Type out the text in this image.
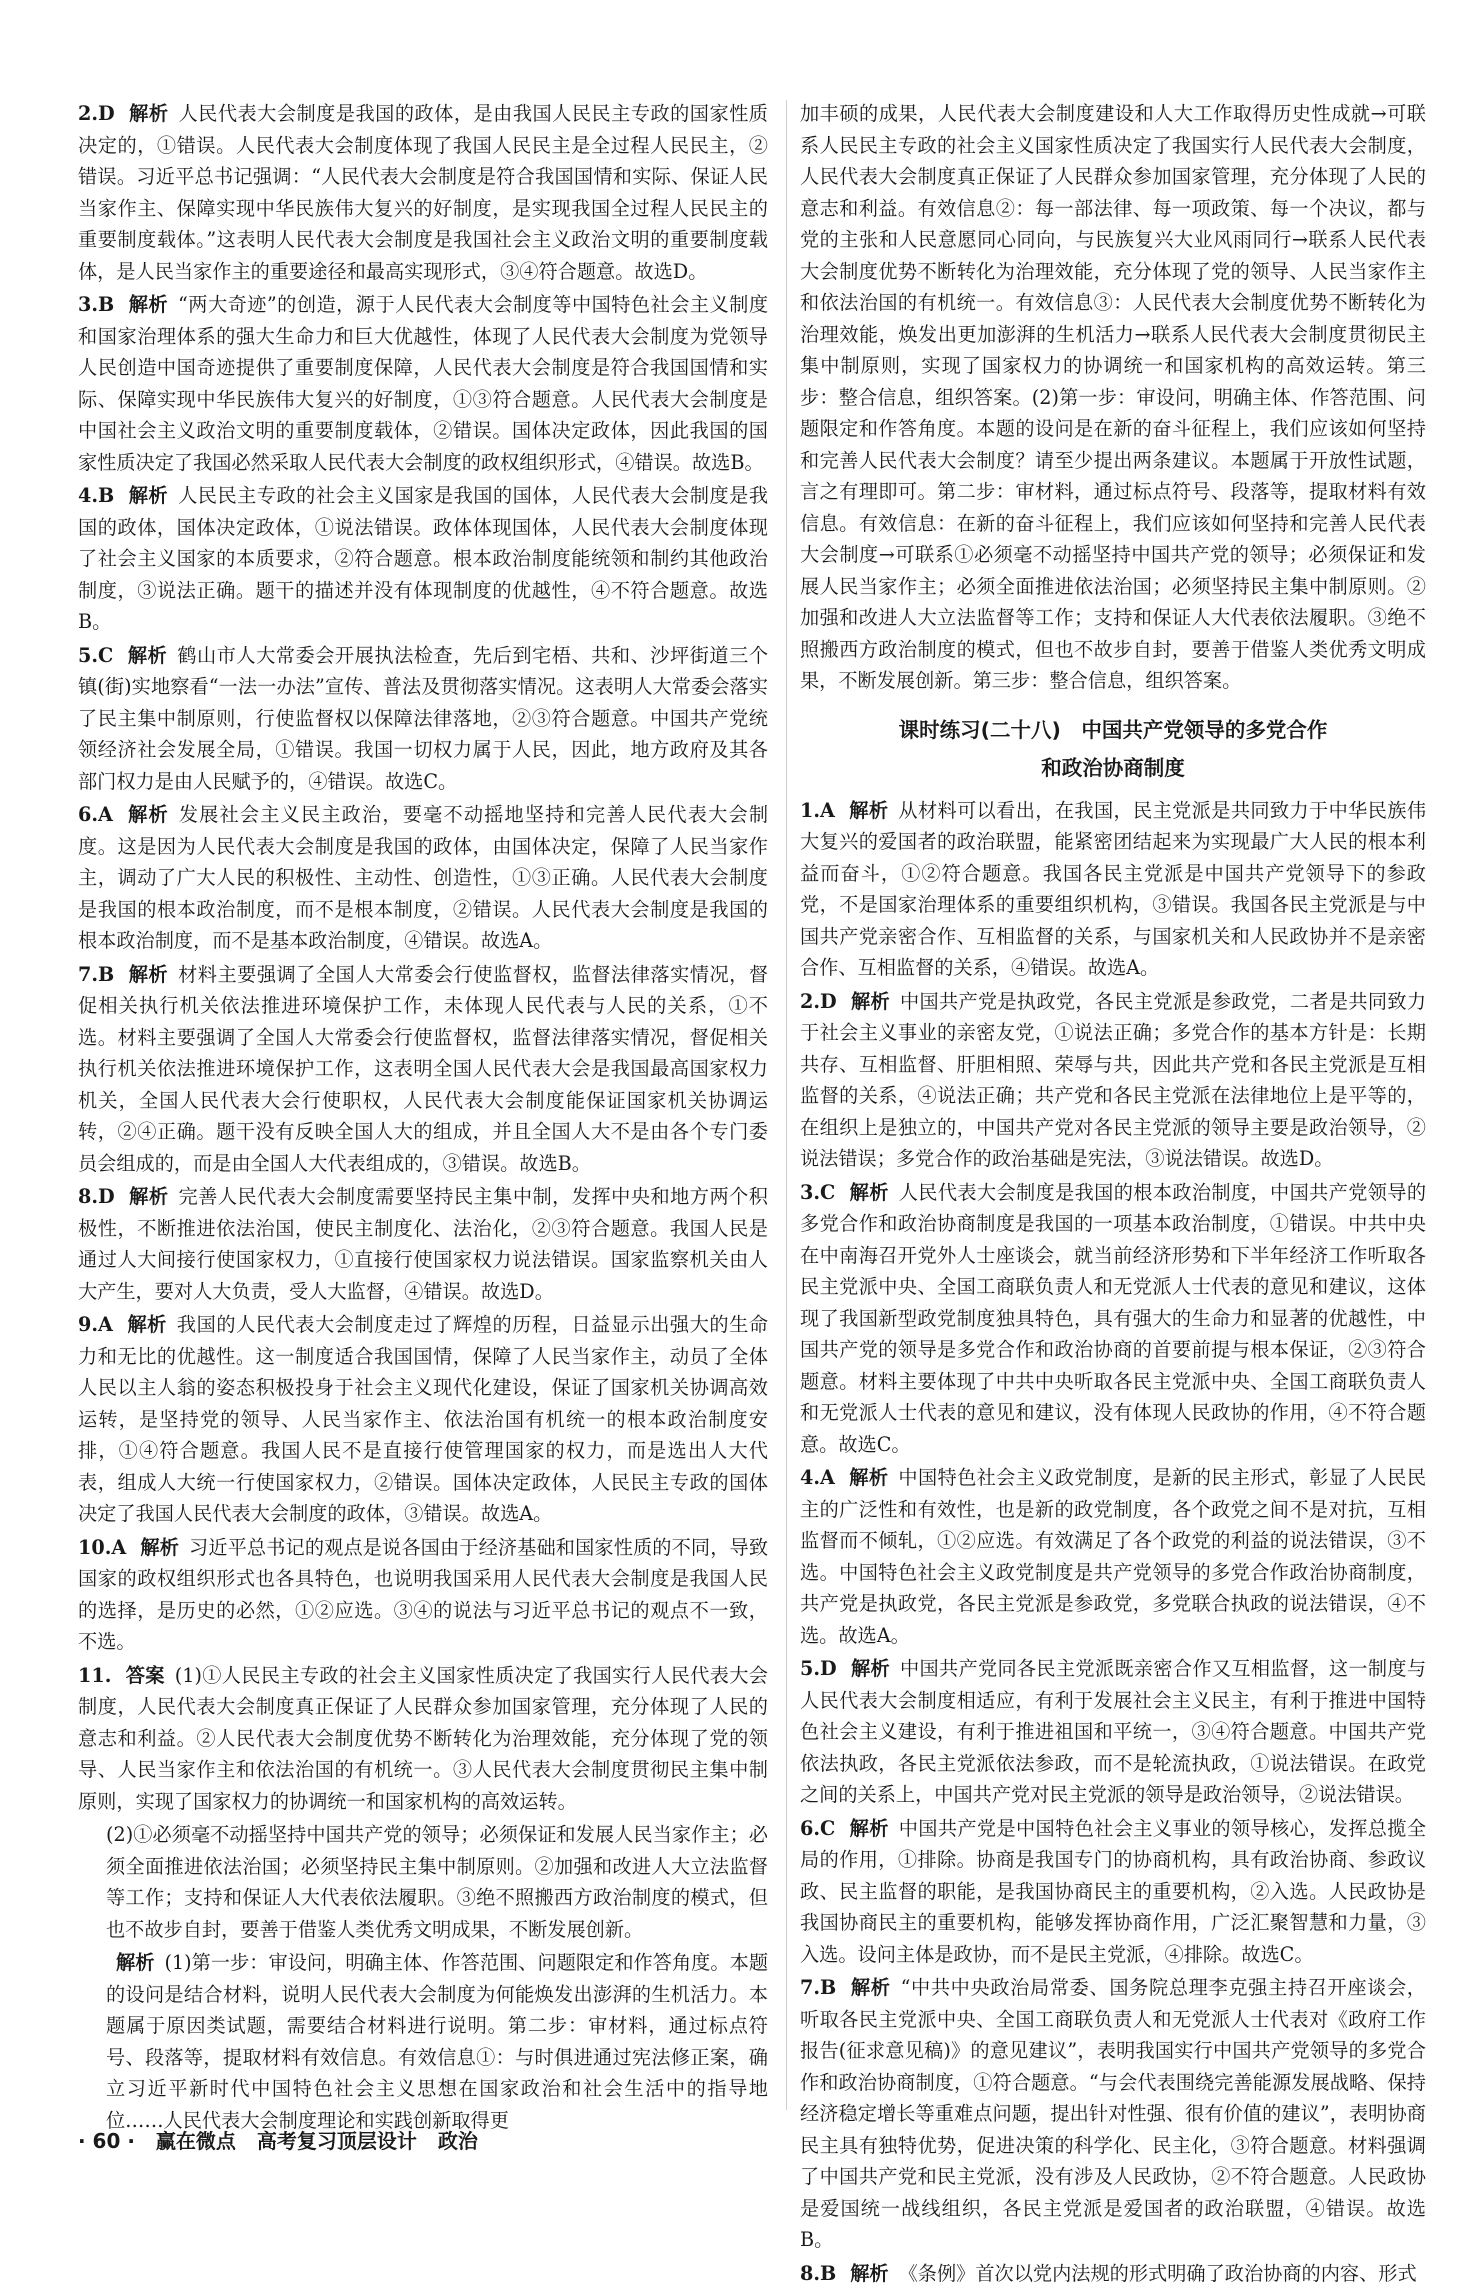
2.D 解析 人民代表大会制度是我国的政体，是由我国人民民主专政的国家性质决定的，①错误。人民代表大会制度体现了我国人民民主是全过程人民民主，②错误。习近平总书记强调：“人民代表大会制度是符合我国国情和实际、保证人民当家作主、保障实现中华民族伟大复兴的好制度，是实现我国全过程人民民主的重要制度载体。”这表明人民代表大会制度是我国社会主义政治文明的重要制度载体，是人民当家作主的重要途径和最高实现形式，③④符合题意。故选D。
3.B 解析 “两大奇迹”的创造，源于人民代表大会制度等中国特色社会主义制度和国家治理体系的强大生命力和巨大优越性，体现了人民代表大会制度为党领导人民创造中国奇迹提供了重要制度保障，人民代表大会制度是符合我国国情和实际、保障实现中华民族伟大复兴的好制度，①③符合题意。人民代表大会制度是中国社会主义政治文明的重要制度载体，②错误。国体决定政体，因此我国的国家性质决定了我国必然采取人民代表大会制度的政权组织形式，④错误。故选B。
4.B 解析 人民民主专政的社会主义国家是我国的国体，人民代表大会制度是我国的政体，国体决定政体，①说法错误。政体体现国体，人民代表大会制度体现了社会主义国家的本质要求，②符合题意。根本政治制度能统领和制约其他政治制度，③说法正确。题干的描述并没有体现制度的优越性，④不符合题意。故选B。
5.C 解析 鹤山市人大常委会开展执法检查，先后到宅梧、共和、沙坪街道三个镇(街)实地察看“一法一办法”宣传、普法及贯彻落实情况。这表明人大常委会落实了民主集中制原则，行使监督权以保障法律落地，②③符合题意。中国共产党统领经济社会发展全局，①错误。我国一切权力属于人民，因此，地方政府及其各部门权力是由人民赋予的，④错误。故选C。
6.A 解析 发展社会主义民主政治，要毫不动摇地坚持和完善人民代表大会制度。这是因为人民代表大会制度是我国的政体，由国体决定，保障了人民当家作主，调动了广大人民的积极性、主动性、创造性，①③正确。人民代表大会制度是我国的根本政治制度，而不是根本制度，②错误。人民代表大会制度是我国的根本政治制度，而不是基本政治制度，④错误。故选A。
7.B 解析 材料主要强调了全国人大常委会行使监督权，监督法律落实情况，督促相关执行机关依法推进环境保护工作，未体现人民代表与人民的关系，①不选。材料主要强调了全国人大常委会行使监督权，监督法律落实情况，督促相关执行机关依法推进环境保护工作，这表明全国人民代表大会是我国最高国家权力机关，全国人民代表大会行使职权，人民代表大会制度能保证国家机关协调运转，②④正确。题干没有反映全国人大的组成，并且全国人大不是由各个专门委员会组成的，而是由全国人大代表组成的，③错误。故选B。
8.D 解析 完善人民代表大会制度需要坚持民主集中制，发挥中央和地方两个积极性，不断推进依法治国，使民主制度化、法治化，②③符合题意。我国人民是通过人大间接行使国家权力，①直接行使国家权力说法错误。国家监察机关由人大产生，要对人大负责，受人大监督，④错误。故选D。
9.A 解析 我国的人民代表大会制度走过了辉煌的历程，日益显示出强大的生命力和无比的优越性。这一制度适合我国国情，保障了人民当家作主，动员了全体人民以主人翁的姿态积极投身于社会主义现代化建设，保证了国家机关协调高效运转，是坚持党的领导、人民当家作主、依法治国有机统一的根本政治制度安排，①④符合题意。我国人民不是直接行使管理国家的权力，而是选出人大代表，组成人大统一行使国家权力，②错误。国体决定政体，人民民主专政的国体决定了我国人民代表大会制度的政体，③错误。故选A。
10.A 解析 习近平总书记的观点是说各国由于经济基础和国家性质的不同，导致国家的政权组织形式也各具特色，也说明我国采用人民代表大会制度是我国人民的选择，是历史的必然，①②应选。③④的说法与习近平总书记的观点不一致，不选。
11. 答案 (1)①人民民主专政的社会主义国家性质决定了我国实行人民代表大会制度，人民代表大会制度真正保证了人民群众参加国家管理，充分体现了人民的意志和利益。②人民代表大会制度优势不断转化为治理效能，充分体现了党的领导、人民当家作主和依法治国的有机统一。③人民代表大会制度贯彻民主集中制原则，实现了国家权力的协调统一和国家机构的高效运转。
(2)①必须毫不动摇坚持中国共产党的领导；必须保证和发展人民当家作主；必须全面推进依法治国；必须坚持民主集中制原则。②加强和改进人大立法监督等工作；支持和保证人大代表依法履职。③绝不照搬西方政治制度的模式，但也不故步自封，要善于借鉴人类优秀文明成果，不断发展创新。
解析 (1)第一步：审设问，明确主体、作答范围、问题限定和作答角度。本题的设问是结合材料，说明人民代表大会制度为何能焕发出澎湃的生机活力。本题属于原因类试题，需要结合材料进行说明。第二步：审材料，通过标点符号、段落等，提取材料有效信息。有效信息①：与时俱进通过宪法修正案，确立习近平新时代中国特色社会主义思想在国家政治和社会生活中的指导地位……人民代表大会制度理论和实践创新取得更
加丰硕的成果，人民代表大会制度建设和人大工作取得历史性成就→可联系人民民主专政的社会主义国家性质决定了我国实行人民代表大会制度，人民代表大会制度真正保证了人民群众参加国家管理，充分体现了人民的意志和利益。有效信息②：每一部法律、每一项政策、每一个决议，都与党的主张和人民意愿同心同向，与民族复兴大业风雨同行→联系人民代表大会制度优势不断转化为治理效能，充分体现了党的领导、人民当家作主和依法治国的有机统一。有效信息③：人民代表大会制度优势不断转化为治理效能，焕发出更加澎湃的生机活力→联系人民代表大会制度贯彻民主集中制原则，实现了国家权力的协调统一和国家机构的高效运转。第三步：整合信息，组织答案。(2)第一步：审设问，明确主体、作答范围、问题限定和作答角度。本题的设问是在新的奋斗征程上，我们应该如何坚持和完善人民代表大会制度？请至少提出两条建议。本题属于开放性试题，言之有理即可。第二步：审材料，通过标点符号、段落等，提取材料有效信息。有效信息：在新的奋斗征程上，我们应该如何坚持和完善人民代表大会制度→可联系①必须毫不动摇坚持中国共产党的领导；必须保证和发展人民当家作主；必须全面推进依法治国；必须坚持民主集中制原则。②加强和改进人大立法监督等工作；支持和保证人大代表依法履职。③绝不照搬西方政治制度的模式，但也不故步自封，要善于借鉴人类优秀文明成果，不断发展创新。第三步：整合信息，组织答案。
课时练习(二十八)　中国共产党领导的多党合作
和政治协商制度
1.A 解析 从材料可以看出，在我国，民主党派是共同致力于中华民族伟大复兴的爱国者的政治联盟，能紧密团结起来为实现最广大人民的根本利益而奋斗，①②符合题意。我国各民主党派是中国共产党领导下的参政党，不是国家治理体系的重要组织机构，③错误。我国各民主党派是与中国共产党亲密合作、互相监督的关系，与国家机关和人民政协并不是亲密合作、互相监督的关系，④错误。故选A。
2.D 解析 中国共产党是执政党，各民主党派是参政党，二者是共同致力于社会主义事业的亲密友党，①说法正确；多党合作的基本方针是：长期共存、互相监督、肝胆相照、荣辱与共，因此共产党和各民主党派是互相监督的关系，④说法正确；共产党和各民主党派在法律地位上是平等的，在组织上是独立的，中国共产党对各民主党派的领导主要是政治领导，②说法错误；多党合作的政治基础是宪法，③说法错误。故选D。
3.C 解析 人民代表大会制度是我国的根本政治制度，中国共产党领导的多党合作和政治协商制度是我国的一项基本政治制度，①错误。中共中央在中南海召开党外人士座谈会，就当前经济形势和下半年经济工作听取各民主党派中央、全国工商联负责人和无党派人士代表的意见和建议，这体现了我国新型政党制度独具特色，具有强大的生命力和显著的优越性，中国共产党的领导是多党合作和政治协商的首要前提与根本保证，②③符合题意。材料主要体现了中共中央听取各民主党派中央、全国工商联负责人和无党派人士代表的意见和建议，没有体现人民政协的作用，④不符合题意。故选C。
4.A 解析 中国特色社会主义政党制度，是新的民主形式，彰显了人民民主的广泛性和有效性，也是新的政党制度，各个政党之间不是对抗，互相监督而不倾轧，①②应选。有效满足了各个政党的利益的说法错误，③不选。中国特色社会主义政党制度是共产党领导的多党合作政治协商制度，共产党是执政党，各民主党派是参政党，多党联合执政的说法错误，④不选。故选A。
5.D 解析 中国共产党同各民主党派既亲密合作又互相监督，这一制度与人民代表大会制度相适应，有利于发展社会主义民主，有利于推进中国特色社会主义建设，有利于推进祖国和平统一，③④符合题意。中国共产党依法执政，各民主党派依法参政，而不是轮流执政，①说法错误。在政党之间的关系上，中国共产党对民主党派的领导是政治领导，②说法错误。
6.C 解析 中国共产党是中国特色社会主义事业的领导核心，发挥总揽全局的作用，①排除。协商是我国专门的协商机构，具有政治协商、参政议政、民主监督的职能，是我国协商民主的重要机构，②入选。人民政协是我国协商民主的重要机构，能够发挥协商作用，广泛汇聚智慧和力量，③入选。设问主体是政协，而不是民主党派，④排除。故选C。
7.B 解析 “中共中央政治局常委、国务院总理李克强主持召开座谈会，听取各民主党派中央、全国工商联负责人和无党派人士代表对《政府工作报告(征求意见稿)》的意见建议”，表明我国实行中国共产党领导的多党合作和政治协商制度，①符合题意。“与会代表围绕完善能源发展战略、保持经济稳定增长等重难点问题，提出针对性强、很有价值的建议”，表明协商民主具有独特优势，促进决策的科学化、民主化，③符合题意。材料强调了中国共产党和民主党派，没有涉及人民政协，②不符合题意。人民政协是爱国统一战线组织，各民主党派是爱国者的政治联盟，④错误。故选B。
8.B 解析 《条例》首次以党内法规的形式明确了政治协商的内容、形式
· 60 · 赢在微点 高考复习顶层设计 政治
